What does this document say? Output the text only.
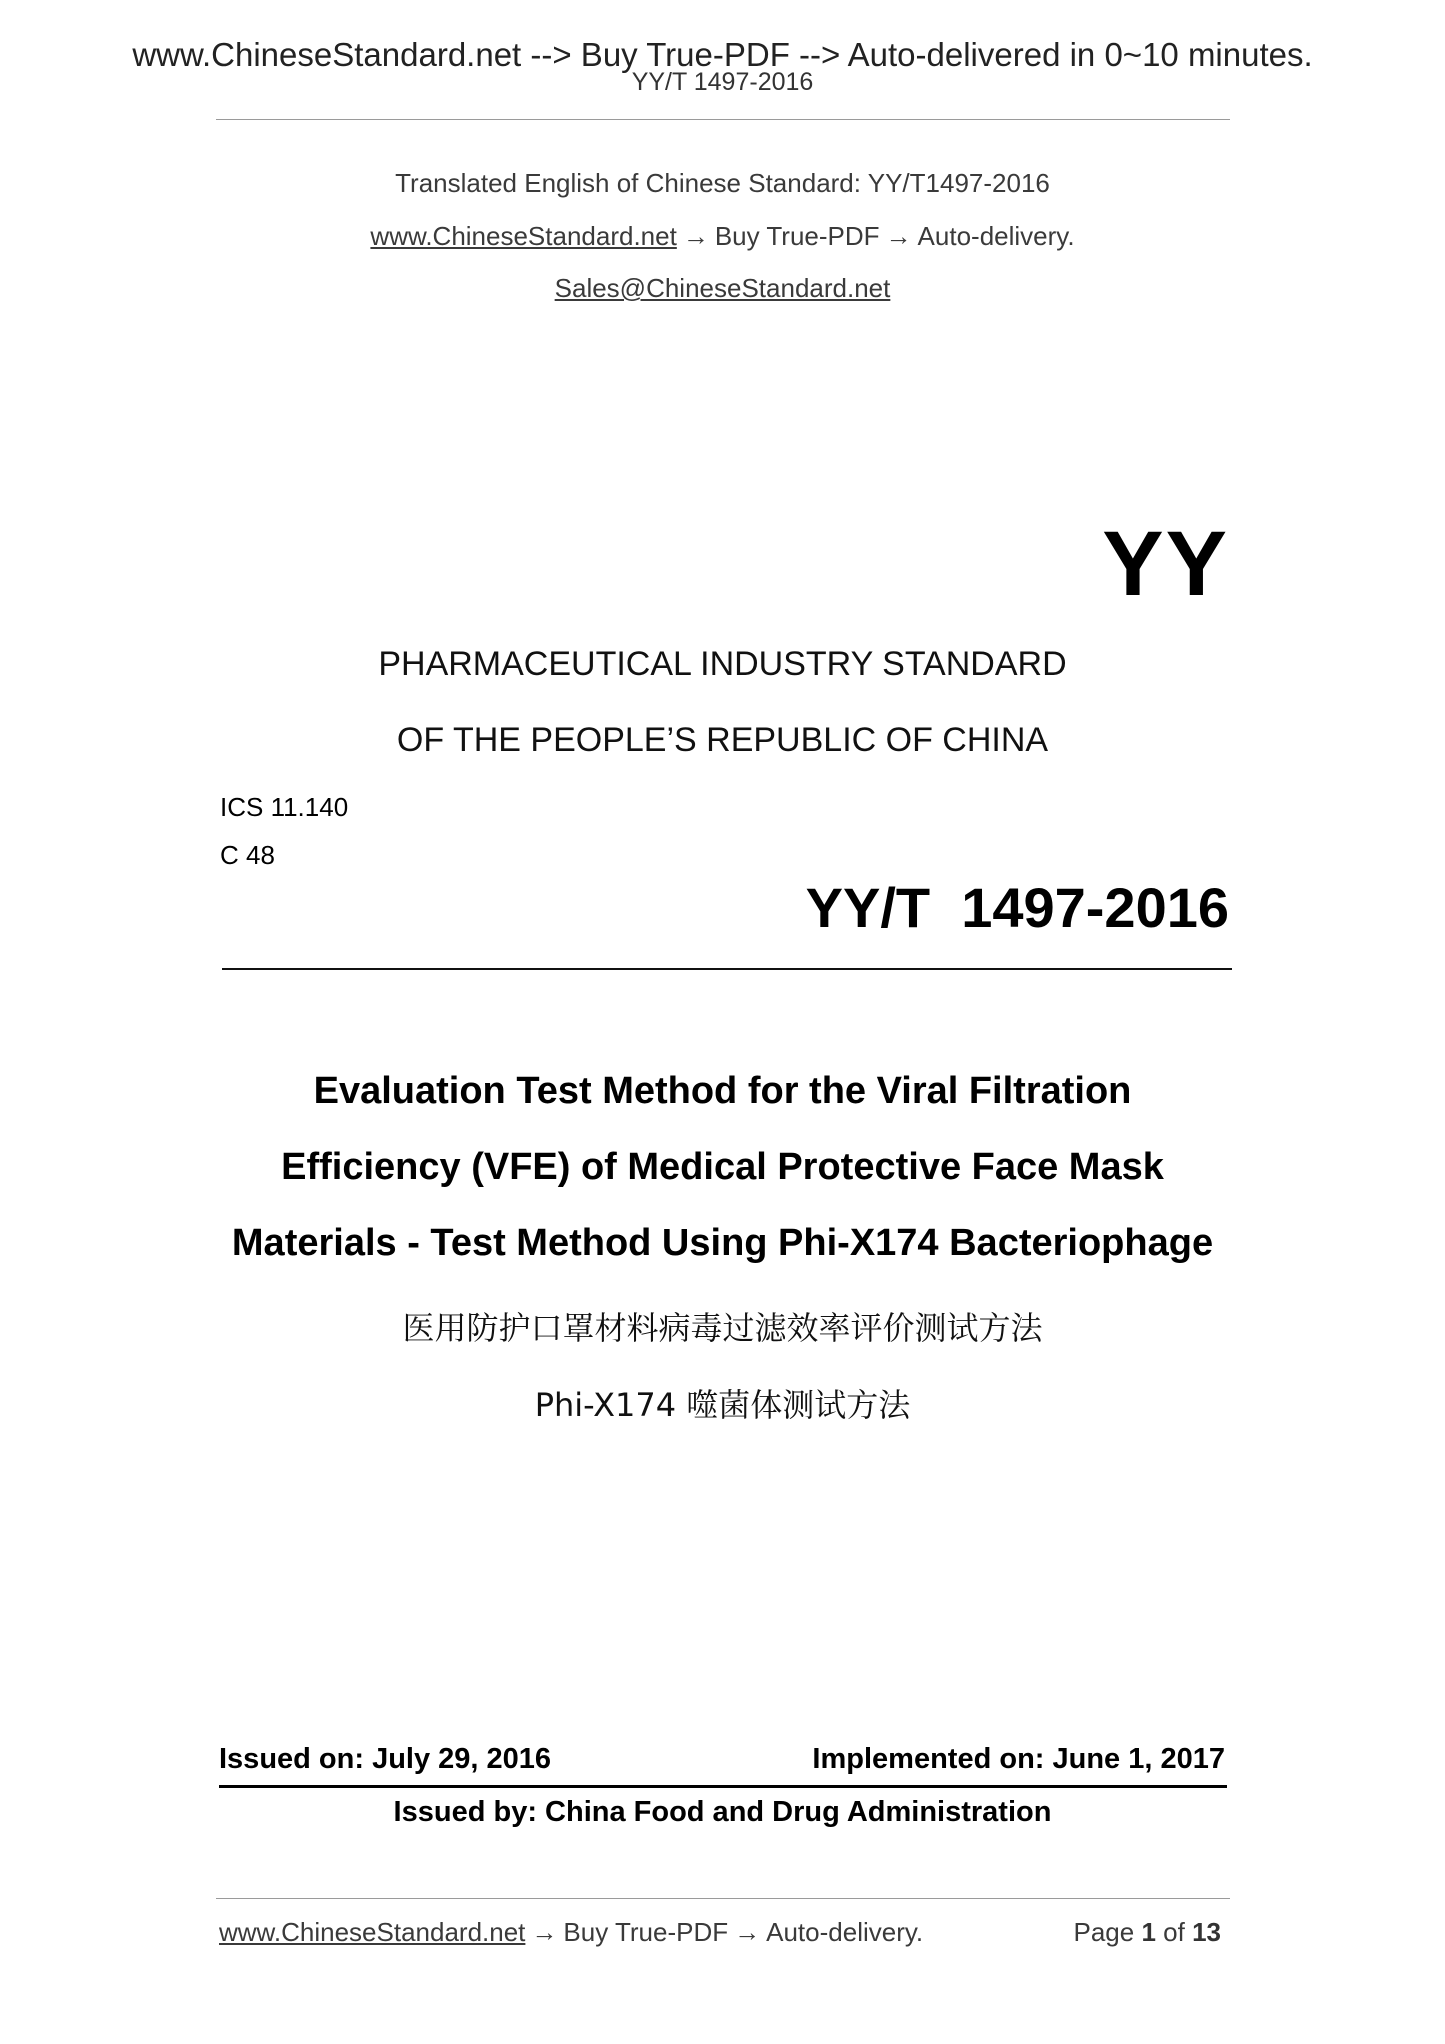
www.ChineseStandard.net --> Buy True-PDF --> Auto-delivered in 0~10 minutes.
YY/T 1497-2016
Translated English of Chinese Standard: YY/T1497-2016
www.ChineseStandard.net → Buy True-PDF → Auto-delivery.
Sales@ChineseStandard.net
YY
PHARMACEUTICAL INDUSTRY STANDARD
OF THE PEOPLE’S REPUBLIC OF CHINA
ICS 11.140
C 48
YY/T  1497-2016
Evaluation Test Method for the Viral Filtration
Efficiency (VFE) of Medical Protective Face Mask
Materials - Test Method Using Phi-X174 Bacteriophage
医用防护口罩材料病毒过滤效率评价测试方法
Phi-X174 噬菌体测试方法
Issued on: July 29, 2016	Implemented on: June 1, 2017
Issued by: China Food and Drug Administration
www.ChineseStandard.net → Buy True-PDF → Auto-delivery.	Page 1 of 13
